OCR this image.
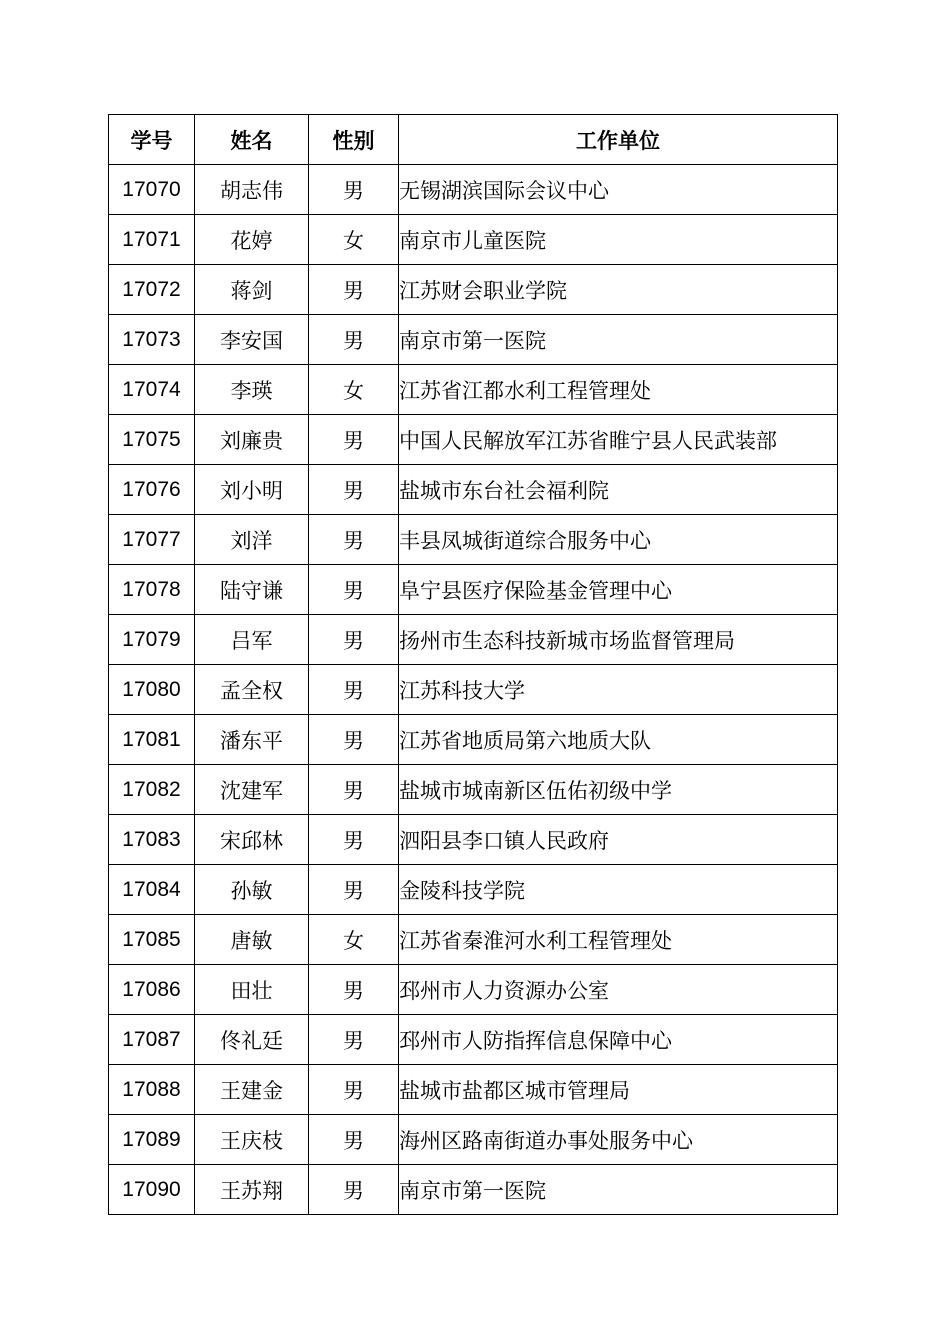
学号	姓名	性别	工作单位
17070	胡志伟	男	无锡湖滨国际会议中心
17071	花婷	女	南京市儿童医院
17072	蒋剑	男	江苏财会职业学院
17073	李安国	男	南京市第一医院
17074	李瑛	女	江苏省江都水利工程管理处
17075	刘廉贵	男	中国人民解放军江苏省睢宁县人民武装部
17076	刘小明	男	盐城市东台社会福利院
17077	刘洋	男	丰县凤城街道综合服务中心
17078	陆守谦	男	阜宁县医疗保险基金管理中心
17079	吕军	男	扬州市生态科技新城市场监督管理局
17080	孟全权	男	江苏科技大学
17081	潘东平	男	江苏省地质局第六地质大队
17082	沈建军	男	盐城市城南新区伍佑初级中学
17083	宋邱林	男	泗阳县李口镇人民政府
17084	孙敏	男	金陵科技学院
17085	唐敏	女	江苏省秦淮河水利工程管理处
17086	田壮	男	邳州市人力资源办公室
17087	佟礼廷	男	邳州市人防指挥信息保障中心
17088	王建金	男	盐城市盐都区城市管理局
17089	王庆枝	男	海州区路南街道办事处服务中心
17090	王苏翔	男	南京市第一医院
